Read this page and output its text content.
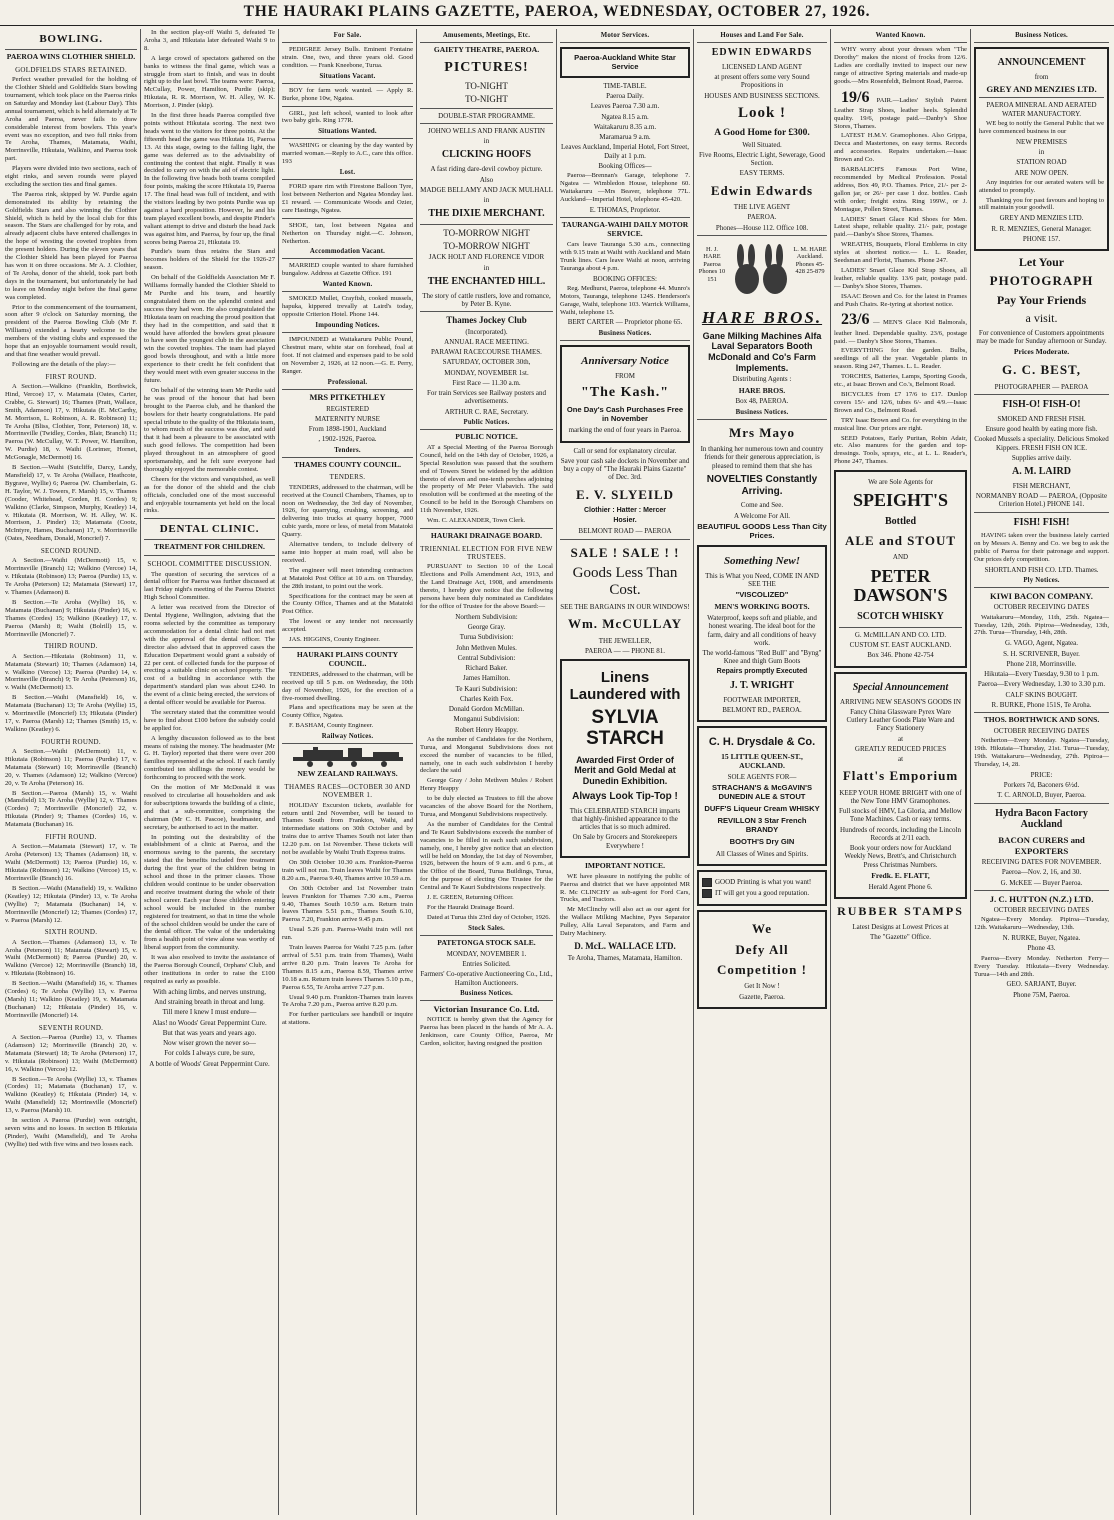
THE HAURAKI PLAINS GAZETTE, PAEROA, WEDNESDAY, OCTOBER 27, 1926.
BOWLING.
PAEROA WINS CLOTHIER SHIELD.
GOLDFIELDS STARS RETAINED.
Perfect weather prevailed for the holding of the Clothier Shield and Goldfields Stars bowling tournament, which took place on the Paeroa rinks on Saturday and Monday last (Labour Day). This annual tournament, which is held alternately at Te Aroha and Paeroa, never fails to draw considerable interest from bowlers. This year's event was no exception, and two full rinks from Te Aroha, Thames, Matamata, Waihi, Morrinsville, Hikutaia, Walkino, and Paeroa took part.
Players were divided into two sections, each of eight rinks, and seven rounds were played excluding the section ties and final games.
The Paeroa rink, skipped by W. Purdie again demonstrated its ability by retaining the Goldfields Stars and also winning the Clothier Shield, which is held by the local club for this season. The Stars are challenged for by rota, and already adjacent clubs have entered challenges in the hope of wresting the coveted trophies from the present holders. During the eleven years that the Clothier Shield has been played for Paeroa has won it on three occasions. Mr A. J. Clothier, of Te Aroha, donor of the shield, took part both days in the tournament, but unfortunately he had to leave on Monday night before the final game was completed.
Prior to the commencement of the tournament, soon after 9 o'clock on Saturday morning, the president of the Paeroa Bowling Club (Mr F. Williams) extended a hearty welcome to the members of the visiting clubs and expressed the hope that an enjoyable tournament would result, and that fine weather would prevail.
Following are the details of the play:—
FIRST ROUND.
A Section.—Walkino (Franklin, Borthwick, Hind, Vercoe) 17, v. Matamata (Oates, Carter, Crabbe, G. Stewart) 16; Thames (Pratt, Wallace, Smith, Adamson) 17, v. Hikutaia (E. McCarthy, M. Morrison, L. Robinson, A. R. Robinson) 11; Te Aroha (Bliss, Clothier, Tonr, Peterson) 18, v. Morrinsville (Twidley, Cordes, Blair, Branch) 11; Paeroa (W. McCullay, W. T. Power, W. Hamilton, W. Purdie) 18, v. Waihi (Lorimer, Hornet, McGonagle, McDermott) 16.
B Section.—Waihi (Sutcliffe, Darcy, Landy, Mansfield) 17, v. Te Aroha (Wallace, Heathcote, Bygrave, Wyllie) 6; Paeroa (W. Chamberlain, G. H. Taylor, W. J. Towers, F. Marsh) 15, v. Thames (Cooder, Whitehead, Corden, H. Cordes) 9; Walkino (Clarke, Simpson, Murphy, Keatley) 14, v. Hikutaia (R. Morrison, W. H. Alley, W. K. Morrison, J. Pinder) 13; Matamata (Cootz, McIntyre, Hames, Buchanan) 17, v. Morrinsville (Oates, Needham, Donald, Moncrief) 7.
SECOND ROUND.
A Section.—Waihi (McDermott) 15, v. Morrinsville (Branch) 12; Walkino (Vercoe) 14, v. Hikutaia (Robinson) 13; Paeroa (Purdie) 13, v. Te Aroha (Peterson) 12; Matamata (Stewart) 17, v. Thames (Adamson) 8.
B Section.—Te Aroha (Wyllie) 16, v. Matamata (Buchanan) 9; Hikutaia (Pinder) 16, v. Thames (Cordes) 15; Walkino (Keatley) 17, v. Paeroa (Marsh) 8; Waihi (Bolrill) 15, v. Morrinsville (Moncrief) 7.
THIRD ROUND.
A Section.—Hikutaia (Robinson) 11, v. Matamata (Stewart) 10; Thames (Adamson) 14, v. Walkino (Vercoe) 13; Paeroa (Purdie) 14, v. Morrinsville (Branch) 9; Te Aroha (Peterson) 16, v. Waihi (McDermott) 13.
B Section.—Waihi (Mansfield) 16, v. Matamata (Buchanan) 13; Te Aroha (Wyllie) 15, v. Morrinsville (Moncrief) 13; Hikutaia (Pinder) 17, v. Paeroa (Marsh) 12; Thames (Smith) 15, v. Walkino (Keatley) 6.
FOURTH ROUND.
A Section.—Waihi (McDermott) 11, v. Hikutaia (Robinson) 11; Paeroa (Purdie) 17, v. Matamata (Stewart) 10; Morrinsville (Branch) 20, v. Thames (Adamson) 12; Walkino (Vercoe) 20, v. Te Aroha (Peterson) 16.
B Section.—Paeroa (Marsh) 15, v. Waihi (Mansfield) 13; Te Aroha (Wyllie) 12, v. Thames (Cordes) 7; Morrinsville (Moncrief) 22, v. Hikutaia (Pinder) 9; Thames (Cordes) 16, v. Matamata (Buchanan) 16.
FIFTH ROUND.
A Section.—Matamata (Stewart) 17, v. Te Aroha (Peterson) 13; Thames (Adamson) 18, v. Waihi (McDermott) 13; Paeroa (Purdie) 16, v. Hikutaia (Robinson) 12; Walkino (Vercoe) 15, v. Morrinsville (Branch) 16.
B Section.—Waihi (Mansfield) 19, v. Walkino (Keatley) 12; Hikutaia (Pinder) 13, v. Te Aroha (Wyllie) 7; Matamata (Buchanan) 14, v. Morrinsville (Moncrief) 12; Thames (Cordes) 17, v. Paeroa (Marsh) 12.
SIXTH ROUND.
A Section.—Thames (Adamson) 13, v. Te Aroha (Peterson) 11; Matamata (Stewart) 15, v. Waihi (McDermott) 8; Paeroa (Purdie) 20, v. Walkino (Vercoe) 12; Morrinsville (Branch) 18, v. Hikutaia (Robinson) 16.
B Section.—Waihi (Mansfield) 16, v. Thames (Cordes) 6; Te Aroha (Wyllie) 13, v. Paeroa (Marsh) 11; Walkino (Keatley) 19, v. Matamata (Buchanan) 12; Hikutaia (Pinder) 16, v. Morrinsville (Moncrief) 14.
SEVENTH ROUND.
A Section.—Paeroa (Purdie) 13, v. Thames (Adamson) 12; Morrinsville (Branch) 20, v. Matamata (Stewart) 18; Te Aroha (Peterson) 17, v. Hikutaia (Robinson) 13; Waihi (McDermott) 16, v. Walkino (Vercoe) 12.
B Section.—Te Aroha (Wyllie) 13, v. Thames (Cordes) 11; Matamata (Buchanan) 17, v. Walkino (Keatley) 6; Hikutaia (Pinder) 14, v. Waihi (Mansfield) 12; Morrinsville (Moncrief) 13, v. Paeroa (Marsh) 10.
In section A Paeroa (Purdie) won outright, seven wins and no losses. In section B Hikutaia (Pinder), Waihi (Mansfield), and Te Aroha (Wyllie) tied with five wins and two losses each.
In the section play-off Waihi 5, defeated Te Aroha 3, and Hikutaia later defeated Waihi 9 to 8.
A large crowd of spectators gathered on the banks to witness the final game, which was a struggle from start to finish, and was in doubt right up to the last bowl. The teams were: Paeroa, McCullay, Power, Hamilton, Purdie (skip); Hikutaia, R. R. Morrison, W. H. Alley, W. K. Morrison, J. Pinder (skip).
In the first three heads Paeroa compiled five points without Hikutaia scoring. The next two heads went to the visitors for three points. At the fifteenth head the game was Hikutaia 16, Paeroa 13. At this stage, owing to the falling light, the game was deferred as to the advisability of continuing the contest that night. Finally it was decided to carry on with the aid of electric light. In the following five heads both teams compiled four points, making the score Hikutaia 19, Paeroa 17. The final head was full of incident, and with the visitors leading by two points Purdie was up against a hard proposition. However, he and his team played excellent bowls, and despite Pinder's valiant attempt to drive and disturb the head Jack was against him, and Paeroa, by four up, the final scores being Paeroa 21, Hikutaia 19.
Purdie's team thus retains the Stars and becomes holders of the Shield for the 1926-27 season.
On behalf of the Goldfields Association Mr F. Williams formally handed the Clothier Shield to Mr Purdie and his team, and heartily congratulated them on the splendid contest and success they had won. He also congratulated the Hikutaia team on reaching the proud position that they had in the competition, and said that it would have afforded the bowlers great pleasure to have seen the youngest club in the association win the coveted trophies. The team had played good bowls throughout, and with a little more experience to their credit he felt confident that they would meet with even greater success in the future.
On behalf of the winning team Mr Purdie said he was proud of the honour that had been brought to the Paeroa club, and he thanked the bowlers for their hearty congratulations. He paid special tribute to the quality of the Hikutaia team, to whom much of the success was due, and said that it had been a pleasure to be associated with such good fellows. The competition had been played throughout in an atmosphere of good sportsmanship, and he felt sure everyone had thoroughly enjoyed the memorable contest.
Cheers for the victors and vanquished, as well as for the donor of the shield and the club officials, concluded one of the most successful and enjoyable tournaments yet held on the local rinks.
DENTAL CLINIC.
TREATMENT FOR CHILDREN.
SCHOOL COMMITTEE DISCUSSION.
The question of securing the services of a dental officer for Paeroa was further discussed at last Friday night's meeting of the Paeroa District High School Committee.
A letter was received from the Director of Dental Hygiene, Wellington, advising that the rooms selected by the committee as temporary accommodation for a dental clinic had not met with the approval of the dental officer. The director also advised that in approved cases the Education Department would grant a subsidy of 22 per cent. of collected funds for the purpose of erecting a suitable clinic on school property. The cost of a building in accordance with the department's standard plan was about £240. In the event of a clinic being erected, the services of a dental officer would be available for Paeroa.
The secretary stated that the committee would have to find about £100 before the subsidy could be applied for.
A lengthy discussion followed as to the best means of raising the money. The headmaster (Mr G. H. Taylor) reported that there were over 200 families represented at the school. If each family contributed ten shillings the money would be forthcoming to proceed with the work.
On the motion of Mr McDonald it was resolved to circularise all householders and ask for subscriptions towards the building of a clinic, and that a sub-committee, comprising the chairman (Mr C. H. Pascoe), headmaster, and secretary, be authorised to act in the matter.
In pointing out the desirability of the establishment of a clinic at Paeroa, and the enormous saving to the parents, the secretary stated that the benefits included free treatment during the first year of the children being in school and those in the primer classes. Those children would continue to be under observation and receive treatment during the whole of their school career. Each year those children entering school would be included in the number registered for treatment, so that in time the whole of the school children would be under the care of the dental officer. The value of the undertaking from a health point of view alone was worthy of liberal support from the community.
It was also resolved to invite the assistance of the Paeroa Borough Council, Orphans' Club, and other institutions in order to raise the £100 required as early as possible.
With aching limbs, and nerves unstrung,
And straining breath in throat and lung.
Till mere I knew I must endure—
Alas! no Woods' Great Peppermint Cure.
But that was years and years ago.
Now wiser grown the never so—
For colds I always cure, be sure,
A bottle of Woods' Great Peppermint Cure.
For Sale.
PEDIGREE Jersey Bulls. Eminent Fontaine strain. One, two, and three years old. Good condition. — Frank Kneebone, Turua.
Situations Vacant.
BOY for farm work wanted. — Apply R. Burke, phone 10w, Ngatea.
GIRL, just left school, wanted to look after two baby girls. Ring 177R.
Situations Wanted.
WASHING or cleaning by the day wanted by married woman.—Reply to A.C., care this office. 193
Lost.
FORD spare rim with Firestone Balloon Tyre, lost between Netherton and Ngatea Monday last. £1 reward. — Communicate Woods and Ozier, care Hastings, Ngatea.
SHOE, tan, lost between Ngatea and Netherton on Thursday night.—C. Johnson, Netherton.
Accommodation Vacant.
MARRIED couple wanted to share furnished bungalow. Address at Gazette Office. 191
Wanted Known.
SMOKED Mullet, Crayfish, cooked mussels, hapuka, kippered trevally at Laird's today, opposite Criterion Hotel. Phone 144.
Impounding Notices.
IMPOUNDED at Waitakaruru Public Pound, Chestnut mare, white star on forehead, foal at foot. If not claimed and expenses paid to be sold on November 2, 1926, at 12 noon.—G. E. Perry, Ranger.
Professional.
MRS PITKETHLEY
REGISTERED
MATERNITY NURSE
From 1898-1901, Auckland
, 1902-1926, Paeroa.
Tenders.
THAMES COUNTY COUNCIL.
TENDERS.
TENDERS, addressed to the chairman, will be received at the Council Chambers, Thames, up to noon on Wednesday, the 3rd day of November, 1926, for quarrying, crushing, screening, and delivering into trucks at quarry hopper, 7000 cubic yards, more or less, of metal from Matatoki Quarry.
Alternative tenders, to include delivery of same into hopper at main road, will also be received.
The engineer will meet intending contractors at Matatoki Post Office at 10 a.m. on Thursday, the 28th instant, to point out the work.
Specifications for the contract may be seen at the County Office, Thames and at the Matatoki Post Office.
The lowest or any tender not necessarily accepted.
JAS. HIGGINS, County Engineer.
HAURAKI PLAINS COUNTY COUNCIL.
TENDERS, addressed to the chairman, will be received up till 5 p.m. on Wednesday, the 10th day of November, 1926, for the erection of a five-roomed dwelling.
Plans and specifications may be seen at the County Office, Ngatea.
F. BASHAM, County Engineer.
Railway Notices.
NEW ZEALAND RAILWAYS.
THAMES RACES—OCTOBER 30 AND NOVEMBER 1.
HOLIDAY Excursion tickets, available for return until 2nd November, will be issued to Thames South from Frankton, Waihi, and intermediate stations on 30th October and by trains due to arrive Thames South not later than 12.20 p.m. on 1st November. These tickets will not be available by Waihi Truth Express trains.
On 30th October 10.30 a.m. Frankton-Paeroa train will not run. Train leaves Waihi for Thames 8.20 a.m., Paeroa 9.40, Thames arrive 10.59 a.m.
On 30th October and 1st November train leaves Frankton for Thames 7.30 a.m., Paeroa 9.40, Thames South 10.59 a.m. Return train leaves Thames 5.51 p.m., Thames South 6.10, Paeroa 7.20, Frankton arrive 9.45 p.m.
Usual 5.26 p.m. Paeroa-Waihi train will not run.
Train leaves Paeroa for Waihi 7.25 p.m. (after arrival of 5.51 p.m. train from Thames), Waihi arrive 8.20 p.m. Train leaves Te Aroha for Thames 8.15 a.m., Paeroa 8.59, Thames arrive 10.18 a.m. Return train leaves Thames 5.10 p.m., Paeroa 6.55, Te Aroha arrive 7.27 p.m.
Usual 9.40 p.m. Frankton-Thames train leaves Te Aroha 7.20 p.m., Paeroa arrive 8.20 p.m.
For further particulars see handbill or inquire at stations.
Amusements, Meetings, Etc.
GAIETY THEATRE, PAEROA.
PICTURES!
TO-NIGHT
TO-NIGHT
DOUBLE-STAR PROGRAMME.
JOHNO WELLS AND FRANK AUSTIN
in
CLICKING HOOFS
A fast riding dare-devil cowboy picture.
Also
MADGE BELLAMY AND JACK MULHALL
in
THE DIXIE MERCHANT.
TO-MORROW NIGHT
TO-MORROW NIGHT
JACK HOLT AND FLORENCE VIDOR
in
THE ENCHANTED HILL.
The story of cattle rustlers, love and romance, by Peter B. Kyne.
Thames Jockey Club
(Incorporated).
ANNUAL RACE MEETING.
PARAWAI RACECOURSE THAMES.
SATURDAY, OCTOBER 30th,
MONDAY, NOVEMBER 1st.
First Race — 11.30 a.m.
For train Services see Railway posters and advertisements.
ARTHUR C. RAE, Secretary.
Public Notices.
PUBLIC NOTICE.
AT a Special Meeting of the Paeroa Borough Council, held on the 14th day of October, 1926, a Special Resolution was passed that the southern end of Towers Street be widened by the addition thereto of eleven and one-tenth perches adjoining the property of Mr Peter Vlabavich. The said resolution will be confirmed at the meeting of the Council to be held in the Borough Chambers on 11th November, 1926.
Wm. C. ALEXANDER, Town Clerk.
HAURAKI DRAINAGE BOARD.
TRIENNIAL ELECTION FOR FIVE NEW TRUSTEES.
PURSUANT to Section 10 of the Local Elections and Polls Amendment Act, 1913, and the Land Drainage Act, 1908, and amendments thereto, I hereby give notice that the following persons have been duly nominated as Candidates for the office of Trustee for the above Board:—
Northern Subdivision:
George Gray.
Turua Subdivision:
John Methven Mules.
Central Subdivision:
Richard Baker.
James Hamilton.
Te Kauri Subdivision:
Charles Keith Fox.
Donald Gordon McMillan.
Monganui Subdivision:
Robert Henry Heappy.
As the number of Candidates for the Northern, Turua, and Monganui Subdivisions does not exceed the number of vacancies to be filled, namely, one in each such subdivision I hereby declare the said
George Gray / John Methven Mules / Robert Henry Heappy
to be duly elected as Trustees to fill the above vacancies of the above Board for the Northern, Turua, and Monganui Subdivisions respectively.
As the number of Candidates for the Central and Te Kauri Subdivisions exceeds the number of vacancies to be filled in each such subdivision, namely, one, I hereby give notice that an election will be held on Monday, the 1st day of November, 1926, between the hours of 9 a.m. and 6 p.m., at the Office of the Board, Turua Buildings, Turua, for the purpose of electing One Trustee for the Central and Te Kauri Subdivisions respectively.
J. E. GREEN, Returning Officer.
For the Hauraki Drainage Board.
Dated at Turua this 23rd day of October, 1926.
Stock Sales.
PATETONGA STOCK SALE.
MONDAY, NOVEMBER 1.
Entries Solicited.
Farmers' Co-operative Auctioneering Co., Ltd., Hamilton Auctioneers.
Business Notices.
Victorian Insurance Co. Ltd.
NOTICE is hereby given that the Agency for Paeroa has been placed in the hands of Mr A. A. Jenkinson, care County Office, Paeroa, Mr Cardon, solicitor, having resigned the position
Motor Services.
Paeroa-Auckland White Star Service
TIME-TABLE.
Paeroa Daily.
Leaves Paeroa 7.30 a.m.
Ngatea 8.15 a.m.
Waitakaruru 8.35 a.m.
Maramarua 9 a.m.
Leaves Auckland, Imperial Hotel, Fort Street, Daily at 1 p.m.
Booking Offices—
Paeroa—Brennan's Garage, telephone 7. Ngatea — Wimbledon House, telephone 60. Waitakaruru —Mrs Beaver, telephone 77L. Auckland—Imperial Hotel, telephone 45-420.
E. THOMAS, Proprietor.
TAURANGA-WAIHI DAILY MOTOR SERVICE.
Cars leave Tauranga 5.30 a.m., connecting with 9.15 train at Waihi with Auckland and Main Trunk lines. Cars leave Waihi at noon, arriving Tauranga about 4 p.m.
BOOKING OFFICES:
Reg. Medhurst, Paeroa, telephone 44. Munro's Motors, Tauranga, telephone 124S. Henderson's Garage, Waihi, telephone 103. Warrick Williams, Waihi, telephone 15.
BERT CARTER — Proprietor phone 65.
Business Notices.
Anniversary Notice
FROM
"The Kash."
One Day's Cash Purchases Free in November
marking the end of four years in Paeroa.
Call or send for explanatory circular.
Save your cash sale dockets in November and buy a copy of "The Hauraki Plains Gazette" of Dec. 3rd.
E. V. SLYEILD
Clothier : Hatter : Mercer
Hosier.
BELMONT ROAD — PAEROA
SALE ! SALE ! !
Goods Less Than Cost.
SEE THE BARGAINS IN OUR WINDOWS!
Wm. McCULLAY
THE JEWELLER,
PAEROA — — PHONE 81.
Linens Laundered with
SYLVIA STARCH
Awarded First Order of Merit and Gold Medal at Dunedin Exhibition.
Always Look Tip-Top !
This CELEBRATED STARCH imparts that highly-finished appearance to the articles that is so much admired.
On Sale by Grocers and Storekeepers Everywhere !
IMPORTANT NOTICE.
WE have pleasure in notifying the public of Paeroa and district that we have appointed MR R. Mc CLINCHY as sub-agent for Ford Cars, Trucks, and Tractors.
Mr McClinchy will also act as our agent for the Wallace Milking Machine, Pyes Separator Pulley, Alfa Laval Separators, and Farm and Dairy Machinery.
D. McL. WALLACE LTD.
Te Aroha, Thames, Matamata, Hamilton.
Houses and Land For Sale.
EDWIN EDWARDS
LICENSED LAND AGENT
at present offers some very Sound Propositions in
HOUSES AND BUSINESS SECTIONS.
Look !
A Good Home for £300.
Well Situated.
Five Rooms, Electric Light, Sewerage, Good Section.
EASY TERMS.
Edwin Edwards
THE LIVE AGENT
PAEROA.
Phones—House 112. Office 108.
H. J. HARE Paeroa Phones 10 151
L. M. HARE Auckland. Phones 45-428 25-879
HARE BROS.
Gane Milking Machines Alfa Laval Separators Booth McDonald and Co's Farm Implements.
Distributing Agents :
HARE BROS.
Box 48, PAEROA.
Business Notices.
Mrs Mayo
In thanking her numerous town and country friends for their generous appreciation, is pleased to remind them that she has
NOVELTIES Constantly Arriving.
Come and See.
A Welcome For All.
BEAUTIFUL GOODS Less Than City Prices.
Something New!
This is What you Need, COME IN AND SEE THE
"VISCOLIZED"
MEN'S WORKING BOOTS.
Waterproof, keeps soft and pliable, and honest wearing. The ideal boot for the farm, dairy and all conditions of heavy work.
The world-famous "Red Bull" and "Byng" Knee and thigh Gum Boots
Repairs promptly Executed
J. T. WRIGHT
FOOTWEAR IMPORTER,
BELMONT RD., PAEROA.
C. H. Drysdale & Co.
15 LITTLE QUEEN-ST., AUCKLAND.
SOLE AGENTS FOR—
STRACHAN'S & McGAVIN'S DUNEDIN ALE & STOUT
DUFF'S Liqueur Cream WHISKY
REVILLON 3 Star French BRANDY
BOOTH'S Dry GIN
All Classes of Wines and Spirits.
GOOD Printing is what you want!
IT will get you a good reputation.
We
Defy All
Competition !
Get It Now !
Gazette, Paeroa.
Wanted Known.
WHY worry about your dresses when "The Dorothy" makes the nicest of frocks from 12/6. Ladies are cordially invited to inspect our new range of attractive Spring materials and made-up goods.—Mrs Rosenfeldt, Belmont Road, Paeroa.
19/6 PAIR.—Ladies' Stylish Patent Leather Strap Shoes, leather heels. Splendid quality. 19/6, postage paid.—Danby's Shoe Stores, Thames.
LATEST H.M.V. Gramophones. Also Grippa, Decca and Mastertones, on easy terms. Records and accessories. Repairs undertaken.—Isaac Brown and Co.
BARBALICH'S Famous Port Wine, recommended by Medical Profession. Postal address, Box 49, P.O. Thames. Price, 21/- per 2-gallon jar, or 26/- per case 1 doz. bottles. Cash with order; freight extra. Ring 199W., or J. Montague, Pollen Street, Thames.
LADIES' Smart Glace Kid Shoes for Men. Latest shape, reliable quality. 21/- pair, postage paid.—Danby's Shoe Stores, Thames.
WREATHS, Bouquets, Floral Emblems in city styles at shortest notice.— L. L. Reader, Seedsman and Florist, Thames. Phone 247.
LADIES' Smart Glace Kid Strap Shoes, all leather, reliable quality. 13/6 pair, postage paid. — Danby's Shoe Stores, Thames.
ISAAC Brown and Co. for the latest in Frames and Push Chairs. Re-tyring at shortest notice.
23/6 — MEN'S Glace Kid Balmorals, leather lined. Dependable quality. 23/6, postage paid. — Danby's Shoe Stores, Thames.
EVERYTHING for the garden. Bulbs, seedlings of all the year. Vegetable plants in season. Ring 247, Thames. L. L. Reader.
TORCHES, Batteries, Lamps, Sporting Goods, etc., at Isaac Brown and Co.'s, Belmont Road.
BICYCLES from £7 17/6 to £17. Dunlop covers 15/- and 12/6, tubes 6/- and 4/9.—Isaac Brown and Co., Belmont Road.
TRY Isaac Brown and Co. for everything in the musical line. Our prices are right.
SEED Potatoes, Early Puritan, Robin Adair, etc. Also manures for the garden and top-dressings. Tools, sprays, etc., at L. L. Reader's, Phone 247, Thames.
We are Sole Agents for
SPEIGHT'S
Bottled
ALE and STOUT
AND
PETER DAWSON'S
SCOTCH WHISKY
G. McMILLAN AND CO. LTD.
CUSTOM ST. EAST AUCKLAND.
Box 346. Phone 42-754
Special Announcement
ARRIVING NEW SEASON'S GOODS IN
Fancy China Glassware Pyrex Ware Cutlery Leather Goods Plate Ware and Fancy Stationery
at
GREATLY REDUCED PRICES
at
Flatt's Emporium
KEEP YOUR HOME BRIGHT with one of the New Tone HMV Gramophones.
Full stocks of HMV, La Gloria, and Mellow Tone Machines. Cash or easy terms.
Hundreds of records, including the Lincoln Records at 2/11 each.
Book your orders now for Auckland Weekly News, Brett's, and Christchurch Press Christmas Numbers.
Fredk. E. FLATT,
Herald Agent Phone 6.
RUBBER STAMPS
Latest Designs at Lowest Prices at
The "Gazette" Office.
Business Notices.
ANNOUNCEMENT
from
GREY AND MENZIES LTD.
PAEROA MINERAL AND AERATED WATER MANUFACTORY.
WE beg to notify the General Public that we have commenced business in our
NEW PREMISES
in
STATION ROAD
ARE NOW OPEN.
Any inquiries for our aerated waters will be attended to promptly.
Thanking you for past favours and hoping to still maintain your goodwill.
GREY AND MENZIES LTD.
R. R. MENZIES, General Manager.
PHONE 157.
Let Your
PHOTOGRAPH
Pay Your Friends
a visit.
For convenience of Customers appointments may be made for Sunday afternoon or Sunday.
Prices Moderate.
G. C. BEST,
PHOTOGRAPHER — PAEROA
FISH-O! FISH-O!
SMOKED AND FRESH FISH.
Ensure good health by eating more fish.
Cooked Mussels a speciality. Delicious Smoked Kippers. FRESH FISH ON ICE.
Supplies arrive daily.
A. M. LAIRD
FISH MERCHANT,
NORMANBY ROAD — PAEROA, (Opposite Criterion Hotel.) PHONE 141.
FISH! FISH!
HAVING taken over the business lately carried on by Messrs A. Benny and Co. we beg to ask the public of Paeroa for their patronage and support. Our prices defy competition.
SHORTLAND FISH CO. LTD. Thames.
Ply Notices.
KIWI BACON COMPANY.
OCTOBER RECEIVING DATES
Waitakaruru—Monday, 11th, 25th. Ngatea—Tuesday, 12th, 26th. Pipiroa—Wednesday, 13th, 27th. Turua—Thursday, 14th, 28th.
G. VAGO, Agent, Ngatea.
S. H. SCRIVENER, Buyer.
Phone 218, Morrinsville.
Hikutaia—Every Tuesday, 9.30 to 1 p.m.
Paeroa—Every Wednesday, 1.30 to 3.30 p.m.
CALF SKINS BOUGHT.
R. BURKE, Phone 151S, Te Aroha.
THOS. BORTHWICK AND SONS.
OCTOBER RECEIVING DATES
Netherton—Every Monday. Ngatea—Tuesday, 19th. Hikutaia—Thursday, 21st. Turua—Tuesday, 19th. Waitakaruru—Wednesday, 27th. Pipiroa—Thursday, 14, 28.
PRICE:
Porkers 7d, Baconers 6½d.
T. C. ARNOLD, Buyer, Paeroa.
Hydra Bacon Factory Auckland
BACON CURERS and EXPORTERS
RECEIVING DATES FOR NOVEMBER.
Paeroa—Nov. 2, 16, and 30.
G. McKEE — Buyer Paeroa.
J. C. HUTTON (N.Z.) LTD.
OCTOBER RECEIVING DATES
Ngatea—Every Monday. Pipiroa—Tuesday, 12th. Waitakaruru—Wednesday, 13th.
N. RURKE, Buyer, Ngatea.
Phone 43.
Paeroa—Every Monday. Netherton Ferry—Every Tuesday. Hikutaia—Every Wednesday. Turua—14th and 28th.
GEO. SARJANT, Buyer.
Phone 75M, Paeroa.
